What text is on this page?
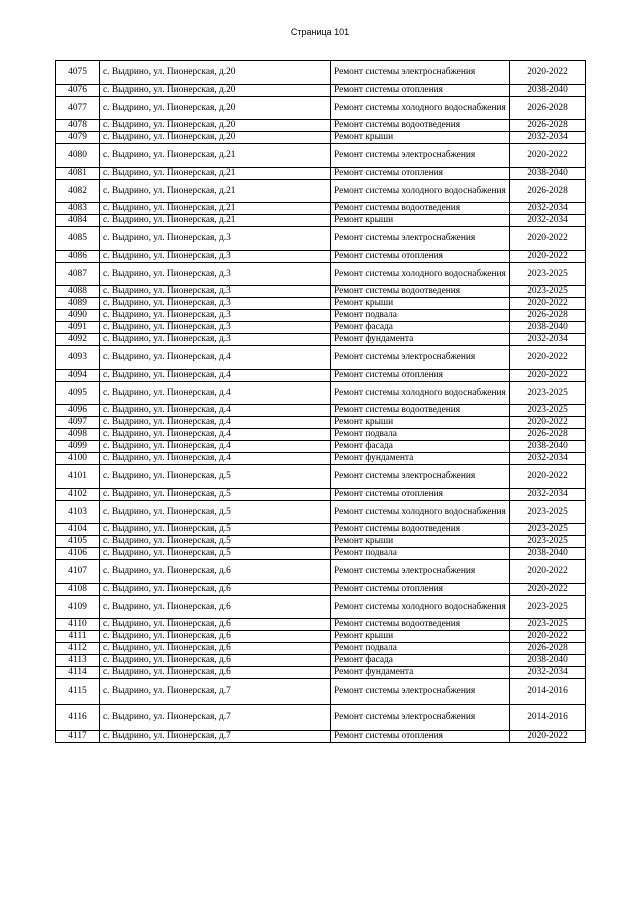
Страница 101
4075	с. Выдрино, ул. Пионерская, д.20	Ремонт системы электроснабжения	2020-2022
4076	с. Выдрино, ул. Пионерская, д.20	Ремонт системы отопления	2038-2040
4077	с. Выдрино, ул. Пионерская, д.20	Ремонт системы холодного водоснабжения	2026-2028
4078	с. Выдрино, ул. Пионерская, д.20	Ремонт системы водоотведения	2026-2028
4079	с. Выдрино, ул. Пионерская, д.20	Ремонт крыши	2032-2034
4080	с. Выдрино, ул. Пионерская, д.21	Ремонт системы электроснабжения	2020-2022
4081	с. Выдрино, ул. Пионерская, д.21	Ремонт системы отопления	2038-2040
4082	с. Выдрино, ул. Пионерская, д.21	Ремонт системы холодного водоснабжения	2026-2028
4083	с. Выдрино, ул. Пионерская, д.21	Ремонт системы водоотведения	2032-2034
4084	с. Выдрино, ул. Пионерская, д.21	Ремонт крыши	2032-2034
4085	с. Выдрино, ул. Пионерская, д.3	Ремонт системы электроснабжения	2020-2022
4086	с. Выдрино, ул. Пионерская, д.3	Ремонт системы отопления	2020-2022
4087	с. Выдрино, ул. Пионерская, д.3	Ремонт системы холодного водоснабжения	2023-2025
4088	с. Выдрино, ул. Пионерская, д.3	Ремонт системы водоотведения	2023-2025
4089	с. Выдрино, ул. Пионерская, д.3	Ремонт крыши	2020-2022
4090	с. Выдрино, ул. Пионерская, д.3	Ремонт подвала	2026-2028
4091	с. Выдрино, ул. Пионерская, д.3	Ремонт фасада	2038-2040
4092	с. Выдрино, ул. Пионерская, д.3	Ремонт фундамента	2032-2034
4093	с. Выдрино, ул. Пионерская, д.4	Ремонт системы электроснабжения	2020-2022
4094	с. Выдрино, ул. Пионерская, д.4	Ремонт системы отопления	2020-2022
4095	с. Выдрино, ул. Пионерская, д.4	Ремонт системы холодного водоснабжения	2023-2025
4096	с. Выдрино, ул. Пионерская, д.4	Ремонт системы водоотведения	2023-2025
4097	с. Выдрино, ул. Пионерская, д.4	Ремонт крыши	2020-2022
4098	с. Выдрино, ул. Пионерская, д.4	Ремонт подвала	2026-2028
4099	с. Выдрино, ул. Пионерская, д.4	Ремонт фасада	2038-2040
4100	с. Выдрино, ул. Пионерская, д.4	Ремонт фундамента	2032-2034
4101	с. Выдрино, ул. Пионерская, д.5	Ремонт системы электроснабжения	2020-2022
4102	с. Выдрино, ул. Пионерская, д.5	Ремонт системы отопления	2032-2034
4103	с. Выдрино, ул. Пионерская, д.5	Ремонт системы холодного водоснабжения	2023-2025
4104	с. Выдрино, ул. Пионерская, д.5	Ремонт системы водоотведения	2023-2025
4105	с. Выдрино, ул. Пионерская, д.5	Ремонт крыши	2023-2025
4106	с. Выдрино, ул. Пионерская, д.5	Ремонт подвала	2038-2040
4107	с. Выдрино, ул. Пионерская, д.6	Ремонт системы электроснабжения	2020-2022
4108	с. Выдрино, ул. Пионерская, д.6	Ремонт системы отопления	2020-2022
4109	с. Выдрино, ул. Пионерская, д.6	Ремонт системы холодного водоснабжения	2023-2025
4110	с. Выдрино, ул. Пионерская, д.6	Ремонт системы водоотведения	2023-2025
4111	с. Выдрино, ул. Пионерская, д.6	Ремонт крыши	2020-2022
4112	с. Выдрино, ул. Пионерская, д.6	Ремонт подвала	2026-2028
4113	с. Выдрино, ул. Пионерская, д.6	Ремонт фасада	2038-2040
4114	с. Выдрино, ул. Пионерская, д.6	Ремонт фундамента	2032-2034
4115	с. Выдрино, ул. Пионерская, д.7	Ремонт системы электроснабжения	2014-2016
4116	с. Выдрино, ул. Пионерская, д.7	Ремонт системы электроснабжения	2014-2016
4117	с. Выдрино, ул. Пионерская, д.7	Ремонт системы отопления	2020-2022
